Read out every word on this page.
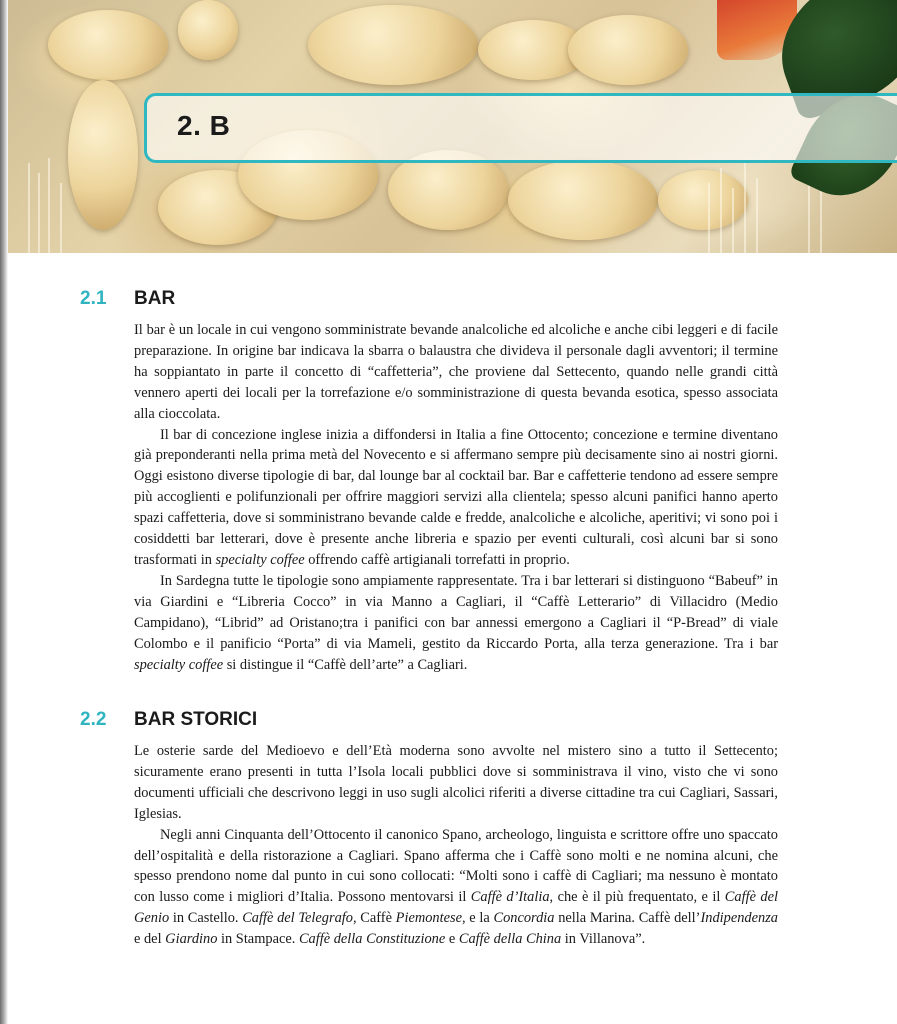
2. B
2.1 BAR

Il bar è un locale in cui vengono somministrate bevande analcoliche ed alcoliche e anche cibi leggeri e di facile preparazione. In origine bar indicava la sbarra o balaustra che divideva il personale dagli avventori; il termine ha soppiantato in parte il concetto di “caffetteria”, che proviene dal Settecento, quando nelle grandi città vennero aperti dei locali per la torrefazione e/o somministrazione di questa bevanda esotica, spesso associata alla cioccolata.

Il bar di concezione inglese inizia a diffondersi in Italia a fine Ottocento; concezione e termine diventano già preponderanti nella prima metà del Novecento e si affermano sempre più decisamente sino ai nostri giorni. Oggi esistono diverse tipologie di bar, dal lounge bar al cocktail bar. Bar e caffetterie tendono ad essere sempre più accoglienti e polifunzionali per offrire maggiori servizi alla clientela; spesso alcuni panifici hanno aperto spazi caffetteria, dove si somministrano bevande calde e fredde, analcoliche e alcoliche, aperitivi; vi sono poi i cosiddetti bar letterari, dove è presente anche libreria e spazio per eventi culturali, così alcuni bar si sono trasformati in specialty coffee offrendo caffè artigianali torrefatti in proprio.

In Sardegna tutte le tipologie sono ampiamente rappresentate. Tra i bar letterari si distinguono “Babeuf” in via Giardini e “Libreria Cocco” in via Manno a Cagliari, il “Caffè Letterario” di Villacidro (Medio Campidano), “Librid” ad Oristano;tra i panifici con bar annessi emergono a Cagliari il “P-Bread” di viale Colombo e il panificio “Porta” di via Mameli, gestito da Riccardo Porta, alla terza generazione. Tra i bar specialty coffee si distingue il “Caffè dell’arte” a Cagliari.

2.2 BAR STORICI

Le osterie sarde del Medioevo e dell’Età moderna sono avvolte nel mistero sino a tutto il Settecento; sicuramente erano presenti in tutta l’Isola locali pubblici dove si somministrava il vino, visto che vi sono documenti ufficiali che descrivono leggi in uso sugli alcolici riferiti a diverse cittadine tra cui Cagliari, Sassari, Iglesias.

Negli anni Cinquanta dell’Ottocento il canonico Spano, archeologo, linguista e scrittore offre uno spaccato dell’ospitalità e della ristorazione a Cagliari. Spano afferma che i Caffè sono molti e ne nomina alcuni, che spesso prendono nome dal punto in cui sono collocati: “Molti sono i caffè di Cagliari; ma nessuno è montato con lusso come i migliori d’Italia. Possono mentovarsi il Caffè d’Italia, che è il più frequentato, e il Caffè del Genio in Castello. Caffè del Telegrafo, Caffè Piemontese, e la Concordia nella Marina. Caffè dell’Indipendenza e del Giardino in Stampace. Caffè della Constituzione e Caffè della China in Villanova”.
